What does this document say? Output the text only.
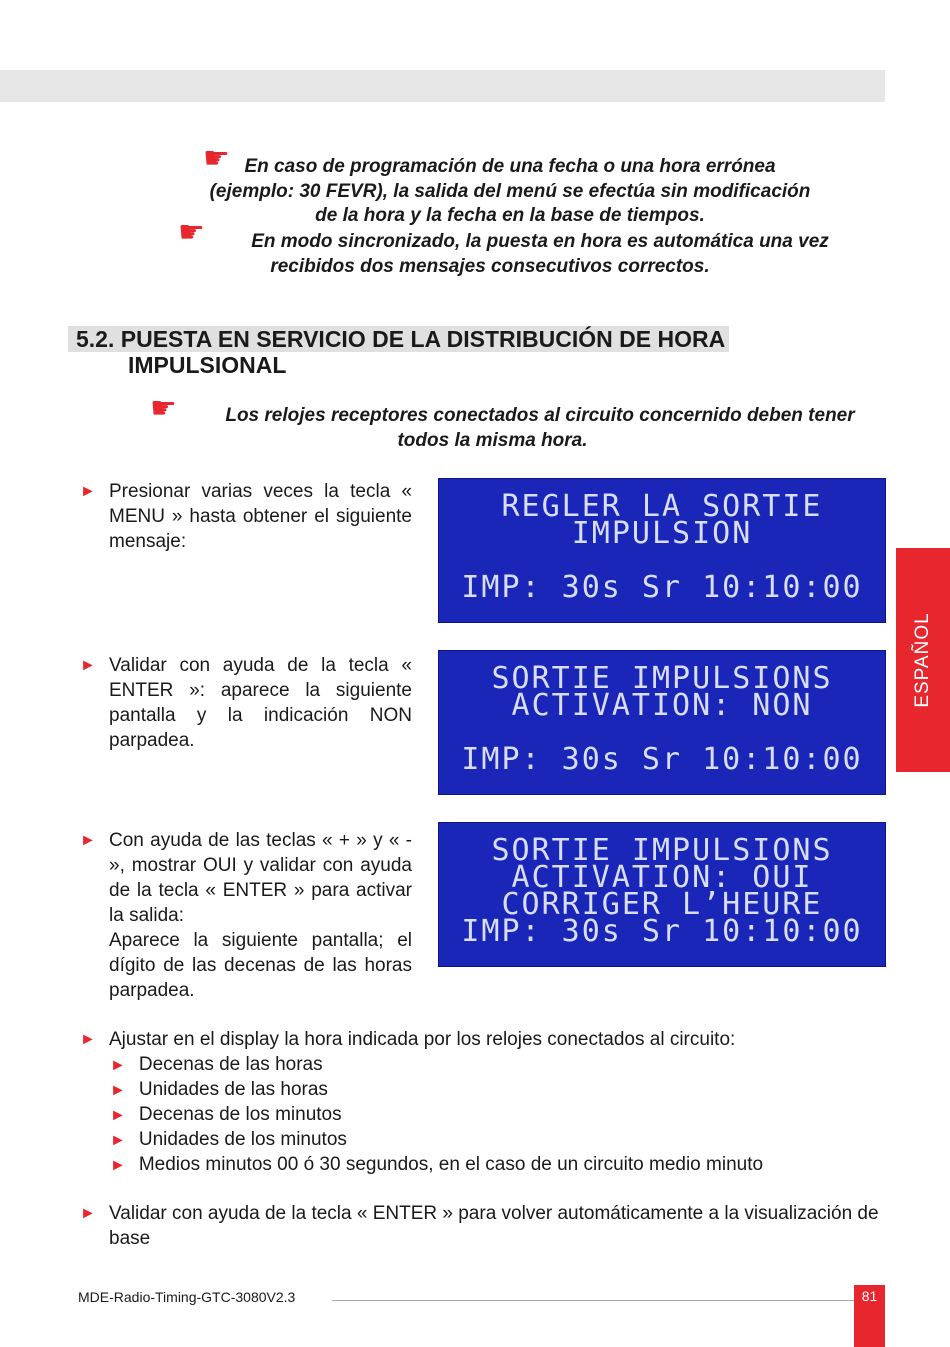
☛ En caso de programación de una fecha o una hora errónea
(ejemplo: 30 FEVR), la salida del menú se efectúa sin modificación
de la hora y la fecha en la base de tiempos.
☛	En modo sincronizado, la puesta en hora es automática una vez
recibidos dos mensajes consecutivos correctos.
5.2. PUESTA EN SERVICIO DE LA DISTRIBUCIÓN DE HORA
IMPULSIONAL
☛	Los relojes receptores conectados al circuito concernido deben tener
todos la misma hora.
► Presionar varias veces la tecla « MENU » hasta obtener el siguiente mensaje:
► Validar con ayuda de la tecla « ENTER »: aparece la siguiente pantalla y la indicación NON parpadea.
► Con ayuda de las teclas « + » y « - », mostrar OUI y validar con ayuda de la tecla « ENTER » para activar la salida:
Aparece la siguiente pantalla; el dígito de las decenas de las horas parpadea.
REGLER LA SORTIE
IMPULSION
IMP: 30s Sr 10:10:00
SORTIE IMPULSIONS
ACTIVATION: NON
IMP: 30s Sr 10:10:00
SORTIE IMPULSIONS
ACTIVATION: OUI
CORRIGER L’HEURE
IMP: 30s Sr 10:10:00
► Ajustar en el display la hora indicada por los relojes conectados al circuito:
► Decenas de las horas
► Unidades de las horas
► Decenas de los minutos
► Unidades de los minutos
► Medios minutos 00 ó 30 segundos, en el caso de un circuito medio minuto
► Validar con ayuda de la tecla « ENTER » para volver automáticamente a la visualización de base
ESPAÑOL
MDE-Radio-Timing-GTC-3080V2.3	81
